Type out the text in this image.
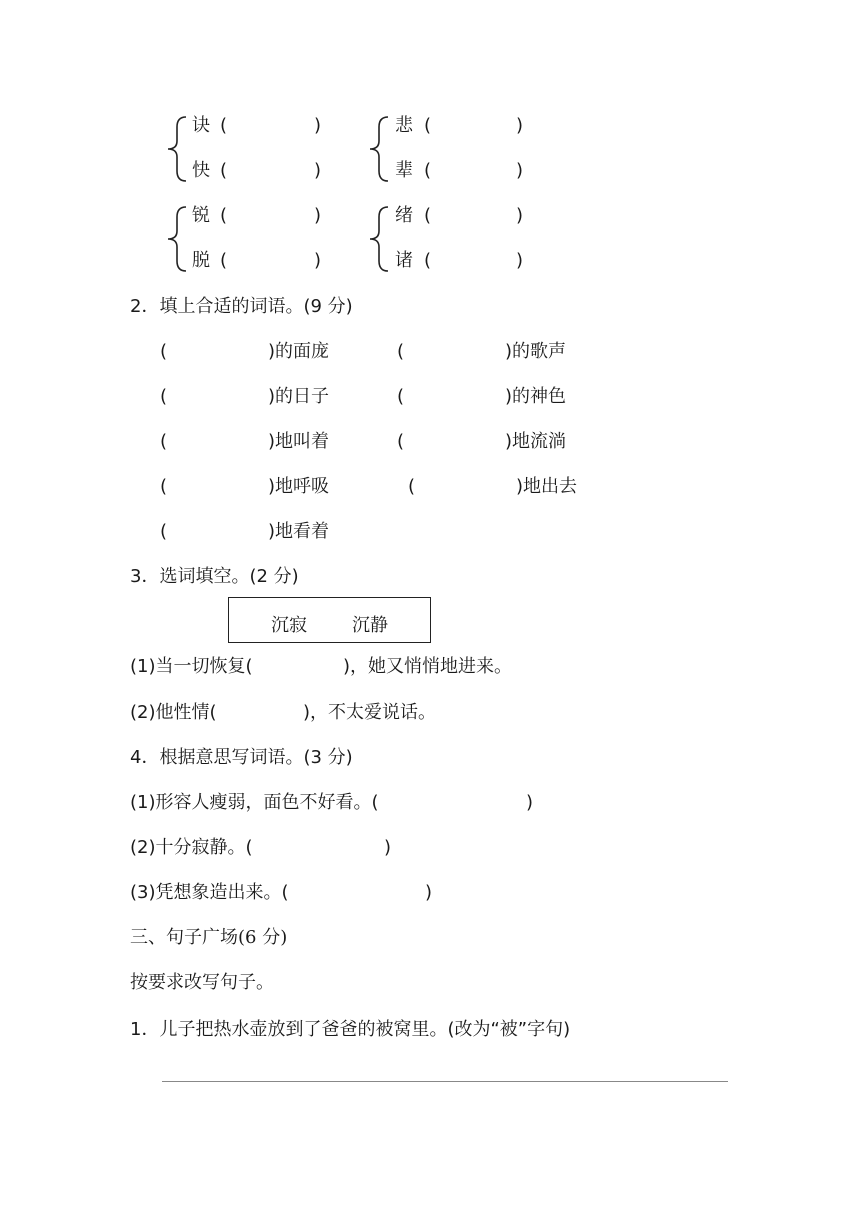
诀 (	)
快 (	)
悲 (	)
辈 (	)
锐 (	)
脱 (	)
绪 (	)
诸 (	)
2．填上合适的词语。(9 分)
(	) 的面庞	(	) 的歌声
(	) 的日子	(	) 的神色
(	) 地叫着	(	) 地流淌
(	) 地呼吸	(	) 地出去
(	) 地看着
3．选词填空。(2 分)
沉寂	沉静
(1)当一切恢复(	)，她又悄悄地进来。
(2)他性情(	)，不太爱说话。
4．根据意思写词语。(3 分)
(1)形容人瘦弱，面色不好看。(	)
(2)十分寂静。(	)
(3)凭想象造出来。(	)
三、句子广场(6 分)
按要求改写句子。
1．儿子把热水壶放到了爸爸的被窝里。(改为“被”字句)
